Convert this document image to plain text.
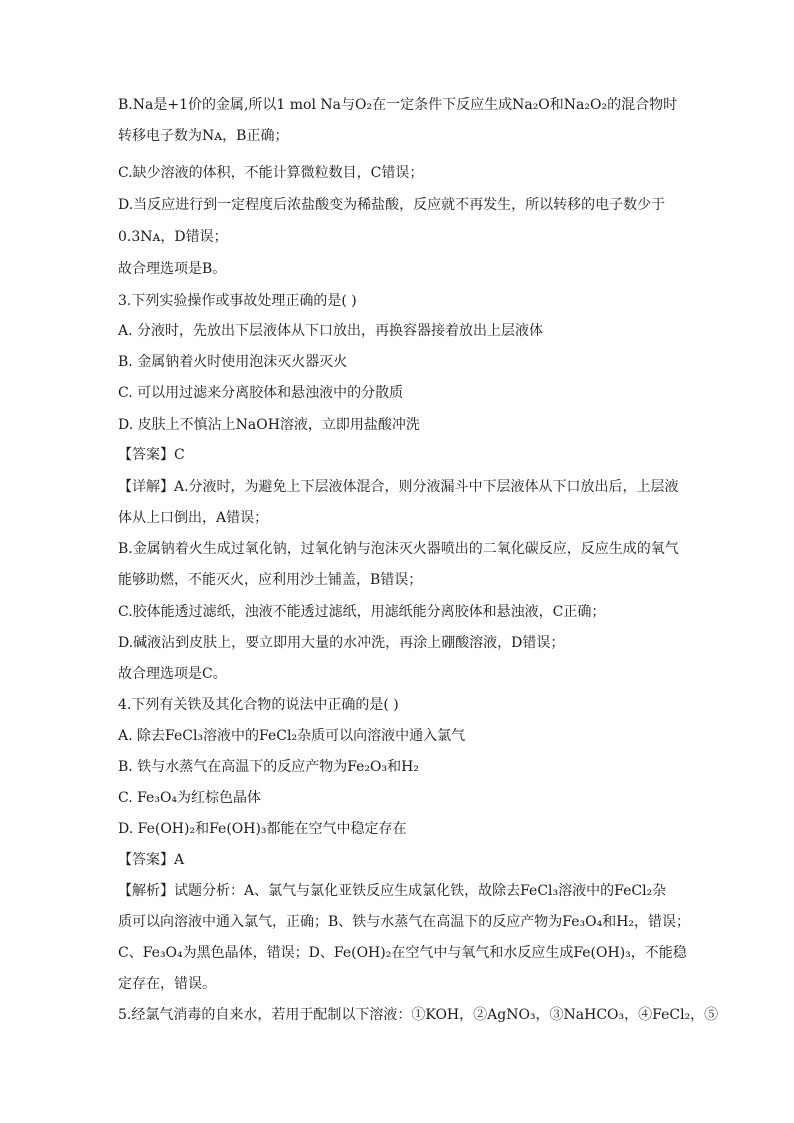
B.Na是+1价的金属,所以1 mol Na与O₂在一定条件下反应生成Na₂O和Na₂O₂的混合物时

转移电子数为Nᴀ，B正确；

C.缺少溶液的体积，不能计算微粒数目，C错误；

D.当反应进行到一定程度后浓盐酸变为稀盐酸，反应就不再发生，所以转移的电子数少于

0.3Nᴀ，D错误；

故合理选项是B。

3.下列实验操作或事故处理正确的是( )

A. 分液时，先放出下层液体从下口放出，再换容器接着放出上层液体

B. 金属钠着火时使用泡沫灭火器灭火

C. 可以用过滤来分离胶体和悬浊液中的分散质

D. 皮肤上不慎沾上NaOH溶液，立即用盐酸冲洗

【答案】C

【详解】A.分液时，为避免上下层液体混合，则分液漏斗中下层液体从下口放出后，上层液

体从上口倒出，A错误；

B.金属钠着火生成过氧化钠，过氧化钠与泡沫灭火器喷出的二氧化碳反应，反应生成的氧气

能够助燃，不能灭火，应利用沙土铺盖，B错误；

C.胶体能透过滤纸，浊液不能透过滤纸，用滤纸能分离胶体和悬浊液，C正确；

D.碱液沾到皮肤上，要立即用大量的水冲洗，再涂上硼酸溶液，D错误；

故合理选项是C。

4.下列有关铁及其化合物的说法中正确的是( )

A. 除去FeCl₃溶液中的FeCl₂杂质可以向溶液中通入氯气

B. 铁与水蒸气在高温下的反应产物为Fe₂O₃和H₂

C. Fe₃O₄为红棕色晶体

D. Fe(OH)₂和Fe(OH)₃都能在空气中稳定存在

【答案】A

【解析】试题分析：A、氯气与氯化亚铁反应生成氯化铁，故除去FeCl₃溶液中的FeCl₂杂

质可以向溶液中通入氯气，正确；B、铁与水蒸气在高温下的反应产物为Fe₃O₄和H₂，错误；

C、Fe₃O₄为黑色晶体，错误；D、Fe(OH)₂在空气中与氧气和水反应生成Fe(OH)₃，不能稳

定存在，错误。

5.经氯气消毒的自来水，若用于配制以下溶液：①KOH，②AgNO₃，③NaHCO₃，④FeCl₂，⑤
